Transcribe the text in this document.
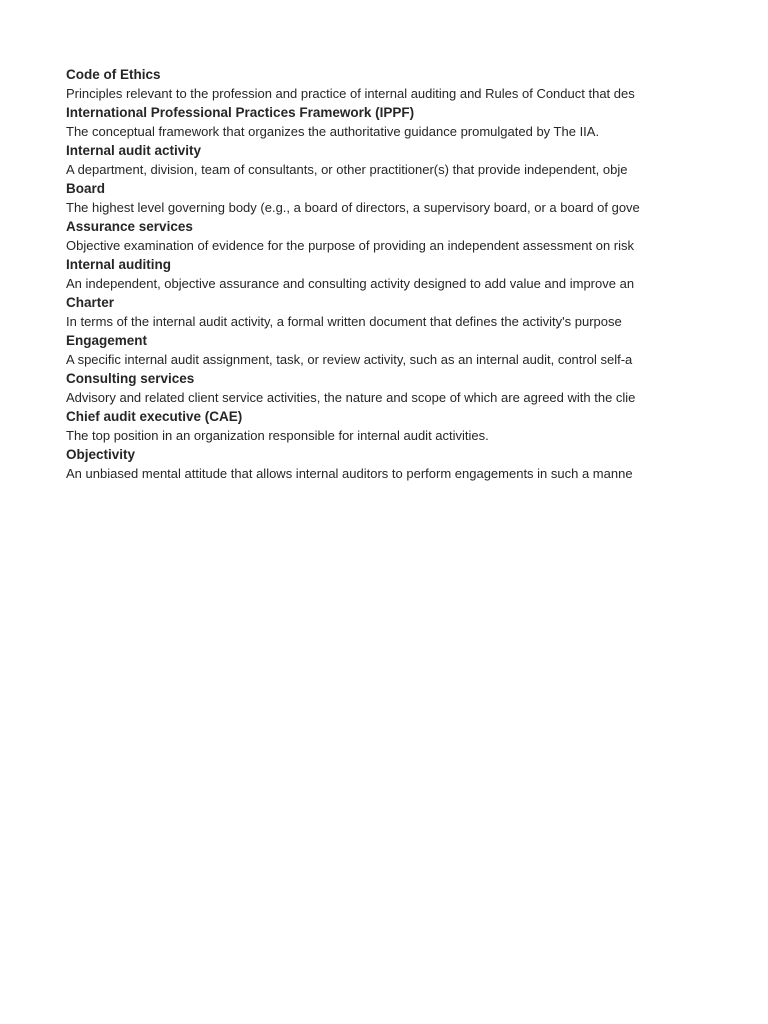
Code of Ethics
Principles relevant to the profession and practice of internal auditing and Rules of Conduct that des
International Professional Practices Framework (IPPF)
The conceptual framework that organizes the authoritative guidance promulgated by The IIA.
Internal audit activity
A department, division, team of consultants, or other practitioner(s) that provide independent, obje
Board
The highest level governing body (e.g., a board of directors, a supervisory board, or a board of gove
Assurance services
Objective examination of evidence for the purpose of providing an independent assessment on risk
Internal auditing
An independent, objective assurance and consulting activity designed to add value and improve an
Charter
In terms of the internal audit activity, a formal written document that defines the activity's purpose
Engagement
A specific internal audit assignment, task, or review activity, such as an internal audit, control self-a
Consulting services
Advisory and related client service activities, the nature and scope of which are agreed with the clie
Chief audit executive (CAE)
The top position in an organization responsible for internal audit activities.
Objectivity
An unbiased mental attitude that allows internal auditors to perform engagements in such a manne
